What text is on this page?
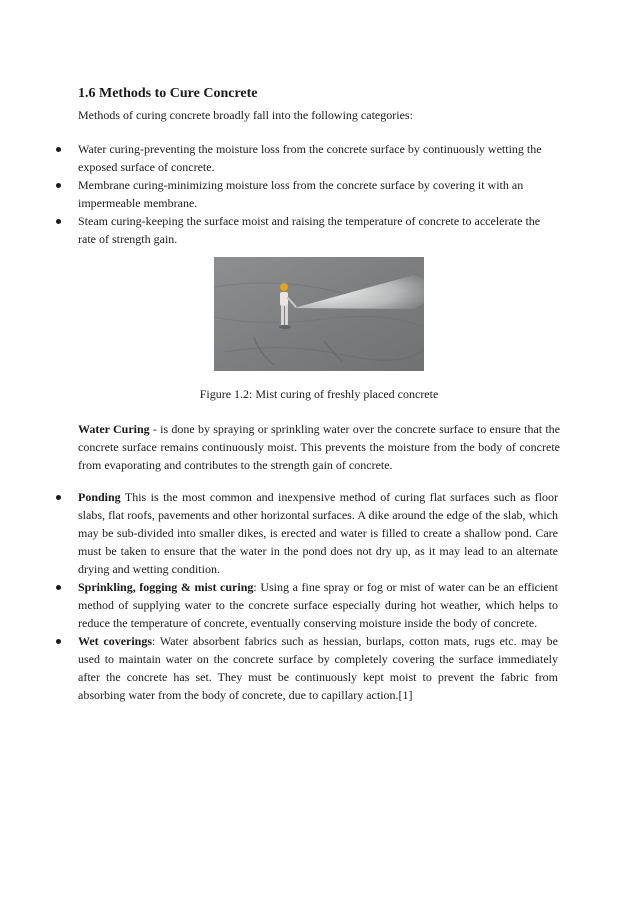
1.6 Methods to Cure Concrete
Methods of curing concrete broadly fall into the following categories:
Water curing-preventing the moisture loss from the concrete surface by continuously wetting the exposed surface of concrete.
Membrane curing-minimizing moisture loss from the concrete surface by covering it with an impermeable membrane.
Steam curing-keeping the surface moist and raising the temperature of concrete to accelerate the rate of strength gain.
Figure 1.2: Mist curing of freshly placed concrete
Water Curing - is done by spraying or sprinkling water over the concrete surface to ensure that the concrete surface remains continuously moist. This prevents the moisture from the body of concrete from evaporating and contributes to the strength gain of concrete.
Ponding This is the most common and inexpensive method of curing flat surfaces such as floor slabs, flat roofs, pavements and other horizontal surfaces. A dike around the edge of the slab, which may be sub-divided into smaller dikes, is erected and water is filled to create a shallow pond. Care must be taken to ensure that the water in the pond does not dry up, as it may lead to an alternate drying and wetting condition.
Sprinkling, fogging & mist curing: Using a fine spray or fog or mist of water can be an efficient method of supplying water to the concrete surface especially during hot weather, which helps to reduce the temperature of concrete, eventually conserving moisture inside the body of concrete.
Wet coverings: Water absorbent fabrics such as hessian, burlaps, cotton mats, rugs etc. may be used to maintain water on the concrete surface by completely covering the surface immediately after the concrete has set. They must be continuously kept moist to prevent the fabric from absorbing water from the body of concrete, due to capillary action.[1]
